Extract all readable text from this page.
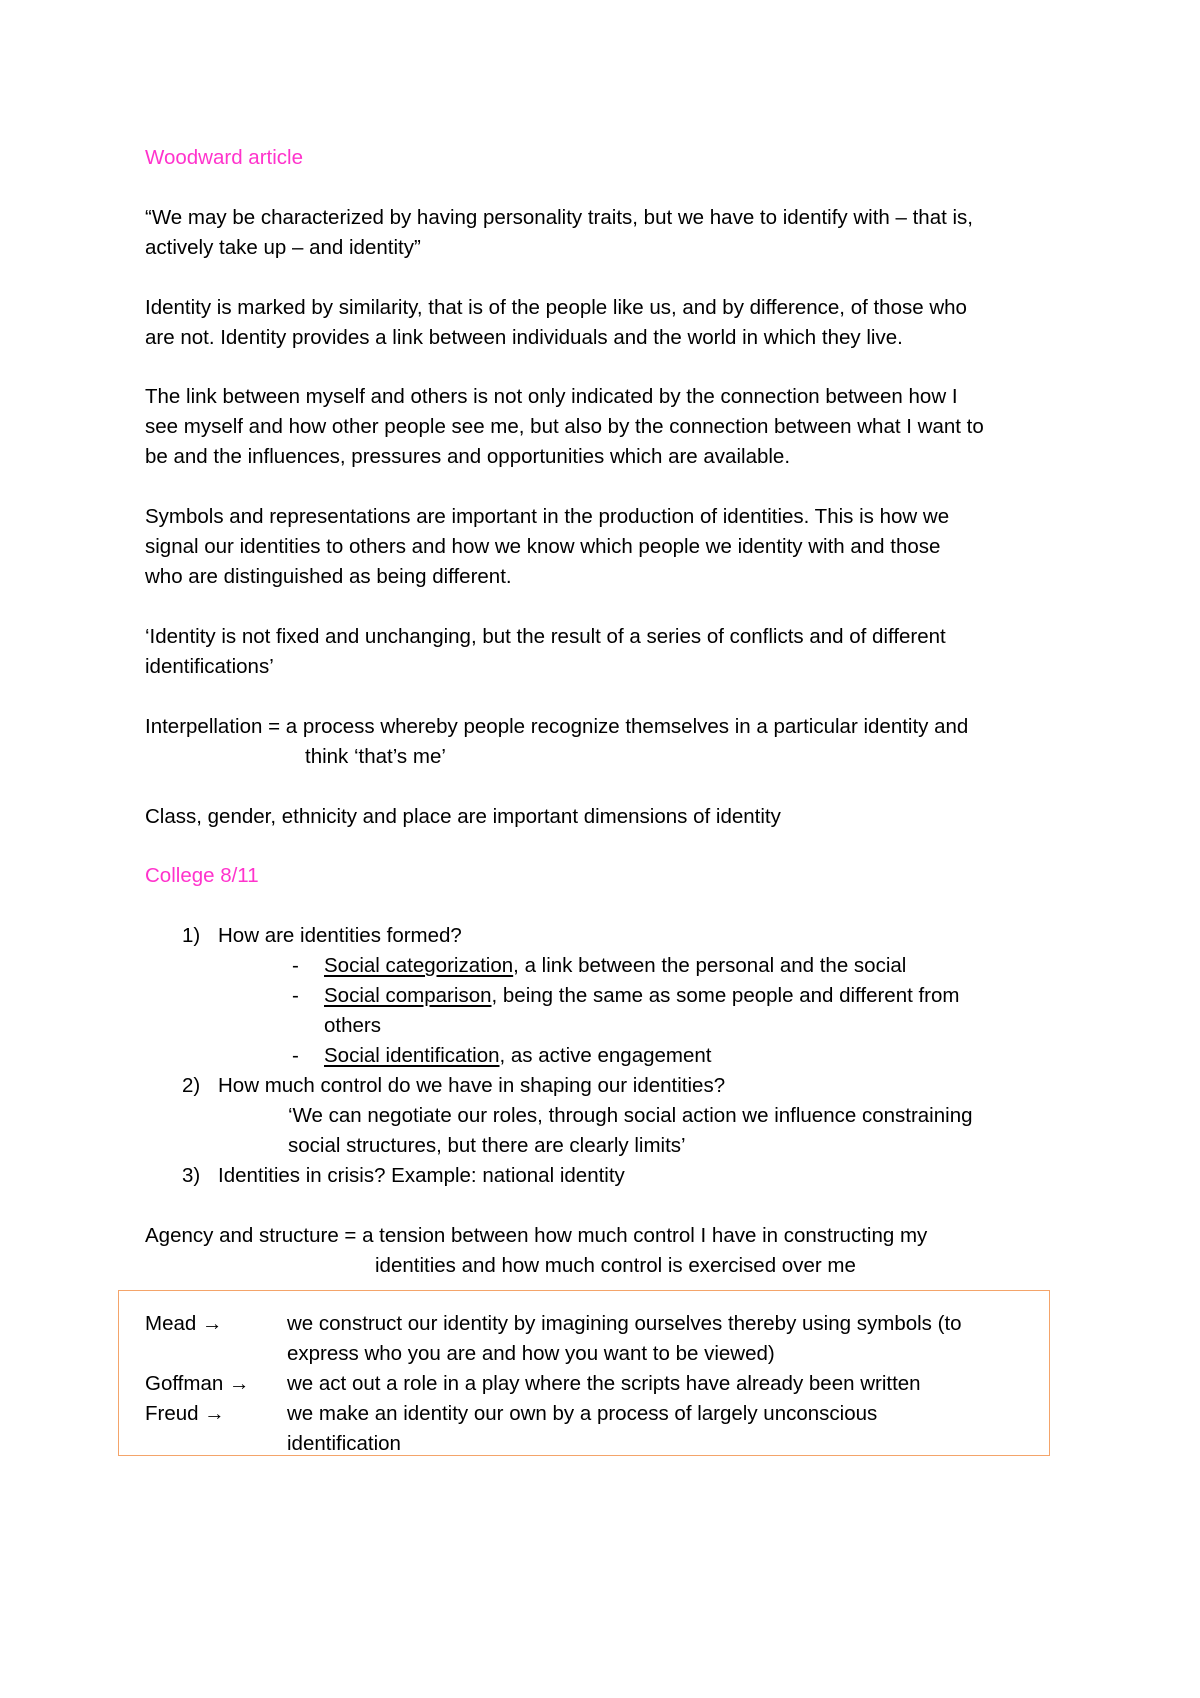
Woodward article
“We may be characterized by having personality traits, but we have to identify with – that is,
actively take up – and identity”
Identity is marked by similarity, that is of the people like us, and by difference, of those who
are not. Identity provides a link between individuals and the world in which they live.
The link between myself and others is not only indicated by the connection between how I
see myself and how other people see me, but also by the connection between what I want to
be and the influences, pressures and opportunities which are available.
Symbols and representations are important in the production of identities. This is how we
signal our identities to others and how we know which people we identity with and those
who are distinguished as being different.
‘Identity is not fixed and unchanging, but the result of a series of conflicts and of different
identifications’
Interpellation = a process whereby people recognize themselves in a particular identity and
think ‘that’s me’
Class, gender, ethnicity and place are important dimensions of identity
College 8/11
1) How are identities formed?
- Social categorization, a link between the personal and the social
- Social comparison, being the same as some people and different from
others
- Social identification, as active engagement
2) How much control do we have in shaping our identities?
‘We can negotiate our roles, through social action we influence constraining
social structures, but there are clearly limits’
3) Identities in crisis? Example: national identity
Agency and structure = a tension between how much control I have in constructing my
identities and how much control is exercised over me
Mead →	we construct our identity by imagining ourselves thereby using symbols (to
express who you are and how you want to be viewed)
Goffman → we act out a role in a play where the scripts have already been written
Freud →	we make an identity our own by a process of largely unconscious
identification
